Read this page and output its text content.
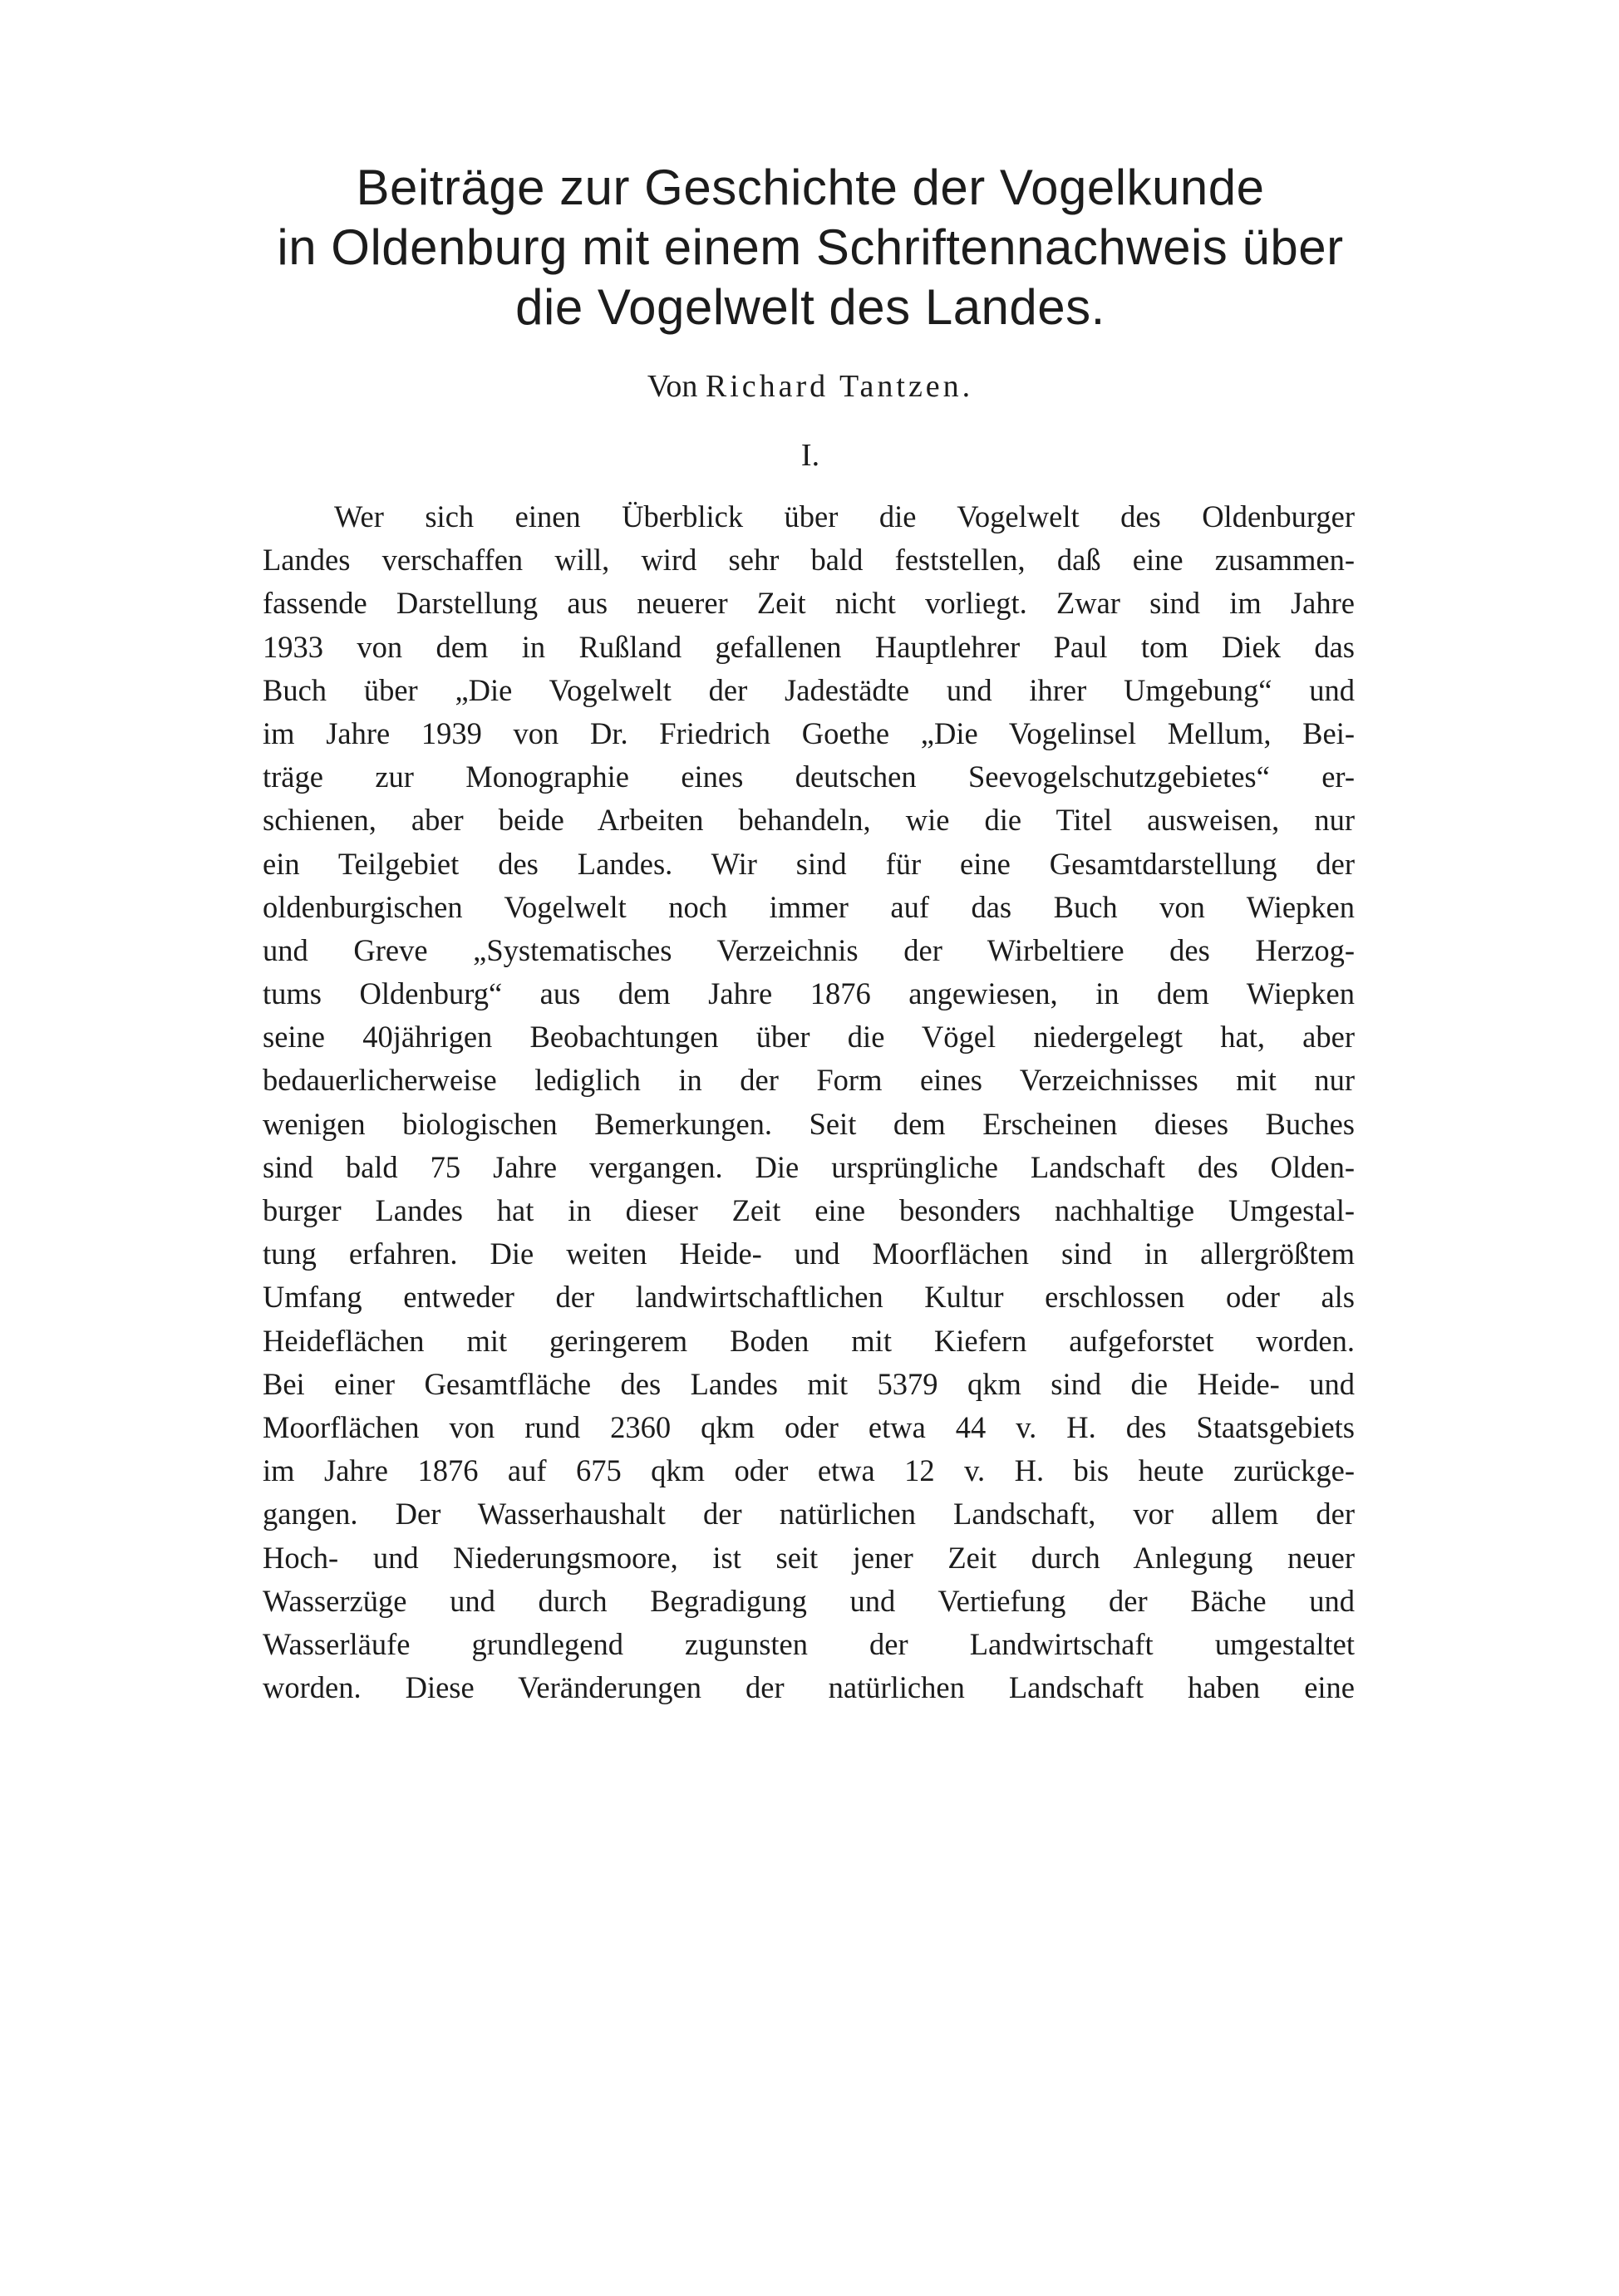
Beiträge zur Geschichte der Vogelkunde
in Oldenburg mit einem Schriftennachweis über
die Vogelwelt des Landes.
Von Richard Tantzen.
I.
Wer sich einen Überblick über die Vogelwelt des Oldenburger
Landes verschaffen will, wird sehr bald feststellen, daß eine zusammen-
fassende Darstellung aus neuerer Zeit nicht vorliegt. Zwar sind im Jahre
1933 von dem in Rußland gefallenen Hauptlehrer Paul tom Diek das
Buch über „Die Vogelwelt der Jadestädte und ihrer Umgebung“ und
im Jahre 1939 von Dr. Friedrich Goethe „Die Vogelinsel Mellum, Bei-
träge zur Monographie eines deutschen Seevogelschutzgebietes“ er-
schienen, aber beide Arbeiten behandeln, wie die Titel ausweisen, nur
ein Teilgebiet des Landes. Wir sind für eine Gesamtdarstellung der
oldenburgischen Vogelwelt noch immer auf das Buch von Wiepken
und Greve „Systematisches Verzeichnis der Wirbeltiere des Herzog-
tums Oldenburg“ aus dem Jahre 1876 angewiesen, in dem Wiepken
seine 40jährigen Beobachtungen über die Vögel niedergelegt hat, aber
bedauerlicherweise lediglich in der Form eines Verzeichnisses mit nur
wenigen biologischen Bemerkungen. Seit dem Erscheinen dieses Buches
sind bald 75 Jahre vergangen. Die ursprüngliche Landschaft des Olden-
burger Landes hat in dieser Zeit eine besonders nachhaltige Umgestal-
tung erfahren. Die weiten Heide- und Moorflächen sind in allergrößtem
Umfang entweder der landwirtschaftlichen Kultur erschlossen oder als
Heideflächen mit geringerem Boden mit Kiefern aufgeforstet worden.
Bei einer Gesamtfläche des Landes mit 5379 qkm sind die Heide- und
Moorflächen von rund 2360 qkm oder etwa 44 v. H. des Staatsgebiets
im Jahre 1876 auf 675 qkm oder etwa 12 v. H. bis heute zurückge-
gangen. Der Wasserhaushalt der natürlichen Landschaft, vor allem der
Hoch- und Niederungsmoore, ist seit jener Zeit durch Anlegung neuer
Wasserzüge und durch Begradigung und Vertiefung der Bäche und
Wasserläufe grundlegend zugunsten der Landwirtschaft umgestaltet
worden. Diese Veränderungen der natürlichen Landschaft haben eine
